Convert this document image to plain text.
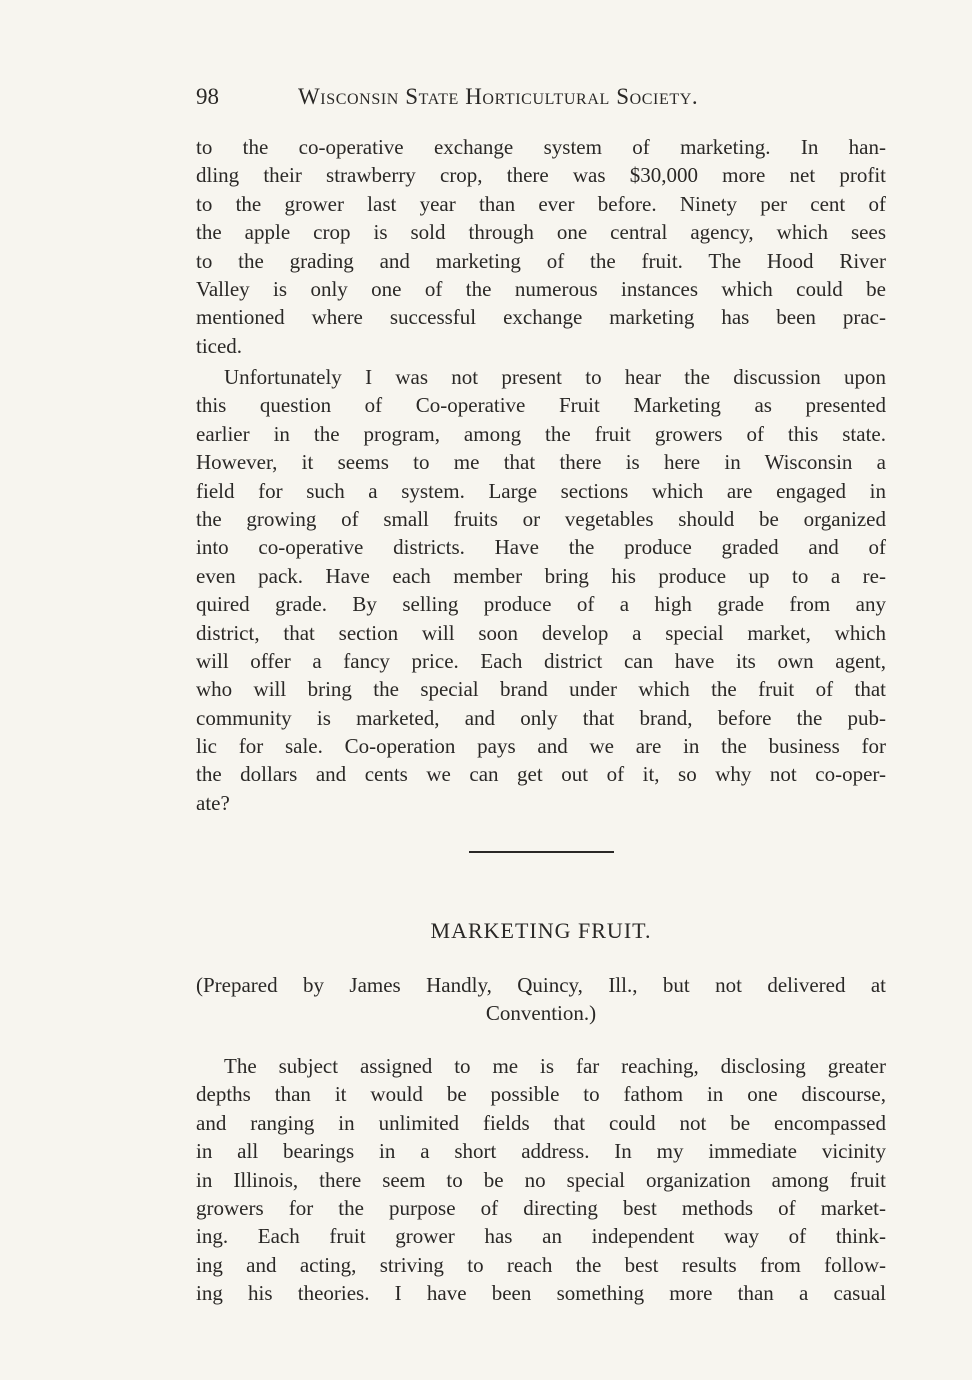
98	Wisconsin State Horticultural Society.
to the co-operative exchange system of marketing. In han-
dling their strawberry crop, there was $30,000 more net profit
to the grower last year than ever before. Ninety per cent of
the apple crop is sold through one central agency, which sees
to the grading and marketing of the fruit. The Hood River
Valley is only one of the numerous instances which could be
mentioned where successful exchange marketing has been prac-
ticed.
Unfortunately I was not present to hear the discussion upon
this question of Co-operative Fruit Marketing as presented
earlier in the program, among the fruit growers of this state.
However, it seems to me that there is here in Wisconsin a
field for such a system. Large sections which are engaged in
the growing of small fruits or vegetables should be organized
into co-operative districts. Have the produce graded and of
even pack. Have each member bring his produce up to a re-
quired grade. By selling produce of a high grade from any
district, that section will soon develop a special market, which
will offer a fancy price. Each district can have its own agent,
who will bring the special brand under which the fruit of that
community is marketed, and only that brand, before the pub-
lic for sale. Co-operation pays and we are in the business for
the dollars and cents we can get out of it, so why not co-oper-
ate?
MARKETING FRUIT.
(Prepared by James Handly, Quincy, Ill., but not delivered at
Convention.)
The subject assigned to me is far reaching, disclosing greater
depths than it would be possible to fathom in one discourse,
and ranging in unlimited fields that could not be encompassed
in all bearings in a short address. In my immediate vicinity
in Illinois, there seem to be no special organization among fruit
growers for the purpose of directing best methods of market-
ing. Each fruit grower has an independent way of think-
ing and acting, striving to reach the best results from follow-
ing his theories. I have been something more than a casual
